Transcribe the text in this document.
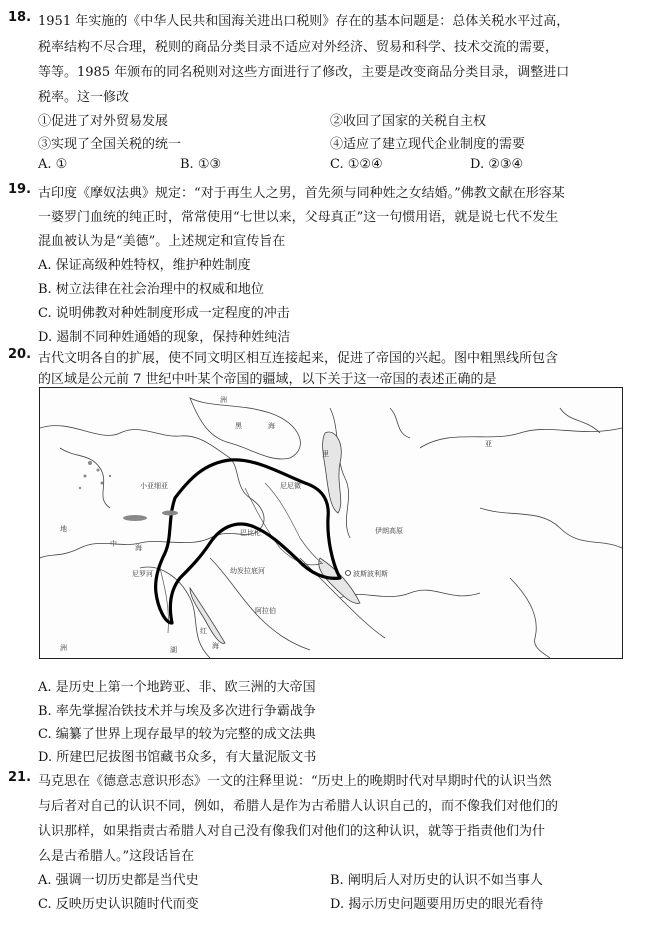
18. 1951 年实施的《中华人民共和国海关进出口税则》存在的基本问题是：总体关税水平过高，
税率结构不尽合理，税则的商品分类目录不适应对外经济、贸易和科学、技术交流的需要，
等等。1985 年颁布的同名税则对这些方面进行了修改，主要是改变商品分类目录，调整进口
税率。这一修改
①促进了对外贸易发展	②收回了国家的关税自主权
③实现了全国关税的统一	④适应了建立现代企业制度的需要
A. ①	B. ①③	C. ①②④	D. ②③④
19. 古印度《摩奴法典》规定：“对于再生人之男，首先须与同种姓之女结婚。”佛教文献在形容某
一婆罗门血统的纯正时，常常使用“七世以来，父母真正”这一句惯用语，就是说七代不发生
混血被认为是“美德”。上述规定和宣传旨在
A. 保证高级种姓特权，维护种姓制度
B. 树立法律在社会治理中的权威和地位
C. 说明佛教对种姓制度形成一定程度的冲击
D. 遏制不同种姓通婚的现象，保持种姓纯洁
20. 古代文明各自的扩展，使不同文明区相互连接起来，促进了帝国的兴起。图中粗黑线所包含
的区域是公元前 7 世纪中叶某个帝国的疆域，以下关于这一帝国的表述正确的是
洲
黑	海
里
亚
小亚细亚
地
中	海
尼尼微
巴比伦
幼发拉底河
伊朗高原
波斯波利斯
阿拉伯
尼罗河
红
海
湖
洲
A. 是历史上第一个地跨亚、非、欧三洲的大帝国
B. 率先掌握冶铁技术并与埃及多次进行争霸战争
C. 编纂了世界上现存最早的较为完整的成文法典
D. 所建巴尼拔图书馆藏书众多，有大量泥版文书
21. 马克思在《德意志意识形态》一文的注释里说：“历史上的晚期时代对早期时代的认识当然
与后者对自己的认识不同，例如，希腊人是作为古希腊人认识自己的，而不像我们对他们的
认识那样，如果指责古希腊人对自己没有像我们对他们的这种认识，就等于指责他们为什
么是古希腊人。”这段话旨在
A. 强调一切历史都是当代史	B. 阐明后人对历史的认识不如当事人
C. 反映历史认识随时代而变	D. 揭示历史问题要用历史的眼光看待
